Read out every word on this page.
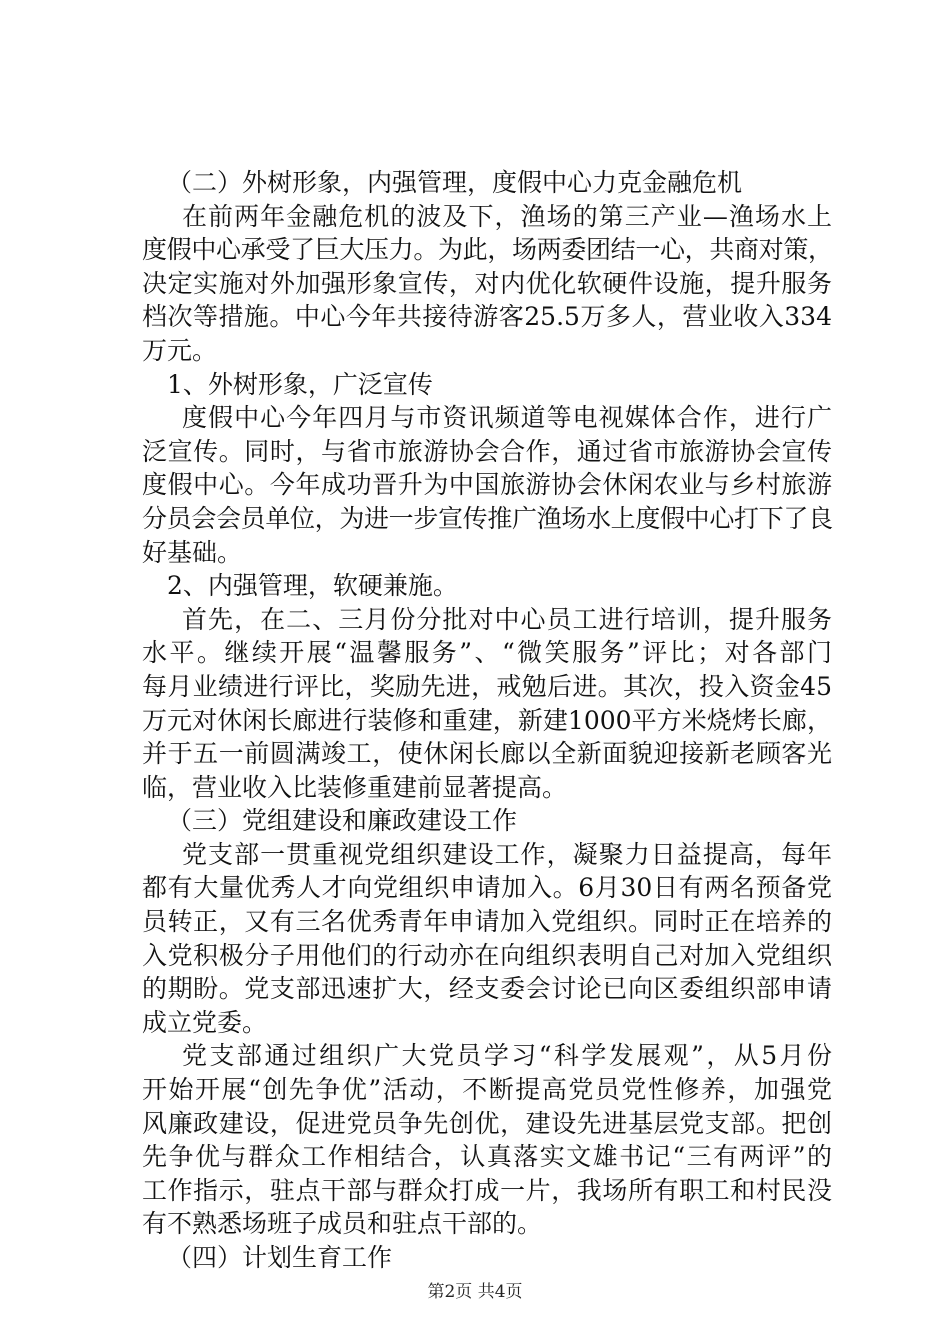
（二）外树形象，内强管理，度假中心力克金融危机
在前两年金融危机的波及下，渔场的第三产业—渔场水上
度假中心承受了巨大压力。为此，场两委团结一心，共商对策，
决定实施对外加强形象宣传，对内优化软硬件设施，提升服务
档次等措施。中心今年共接待游客25.5万多人，营业收入334
万元。
1、外树形象，广泛宣传
度假中心今年四月与市资讯频道等电视媒体合作，进行广
泛宣传。同时，与省市旅游协会合作，通过省市旅游协会宣传
度假中心。今年成功晋升为中国旅游协会休闲农业与乡村旅游
分员会会员单位，为进一步宣传推广渔场水上度假中心打下了良
好基础。
2、内强管理，软硬兼施。
首先，在二、三月份分批对中心员工进行培训，提升服务
水平。继续开展“温馨服务”、“微笑服务”评比；对各部门
每月业绩进行评比，奖励先进，戒勉后进。其次，投入资金45
万元对休闲长廊进行装修和重建，新建1000平方米烧烤长廊，
并于五一前圆满竣工，使休闲长廊以全新面貌迎接新老顾客光
临，营业收入比装修重建前显著提高。
（三）党组建设和廉政建设工作
党支部一贯重视党组织建设工作，凝聚力日益提高，每年
都有大量优秀人才向党组织申请加入。6月30日有两名预备党
员转正，又有三名优秀青年申请加入党组织。同时正在培养的
入党积极分子用他们的行动亦在向组织表明自己对加入党组织
的期盼。党支部迅速扩大，经支委会讨论已向区委组织部申请
成立党委。
党支部通过组织广大党员学习“科学发展观”，从5月份
开始开展“创先争优”活动，不断提高党员党性修养，加强党
风廉政建设，促进党员争先创优，建设先进基层党支部。把创
先争优与群众工作相结合，认真落实文雄书记“三有两评”的
工作指示，驻点干部与群众打成一片，我场所有职工和村民没
有不熟悉场班子成员和驻点干部的。
（四）计划生育工作
第2页 共4页
